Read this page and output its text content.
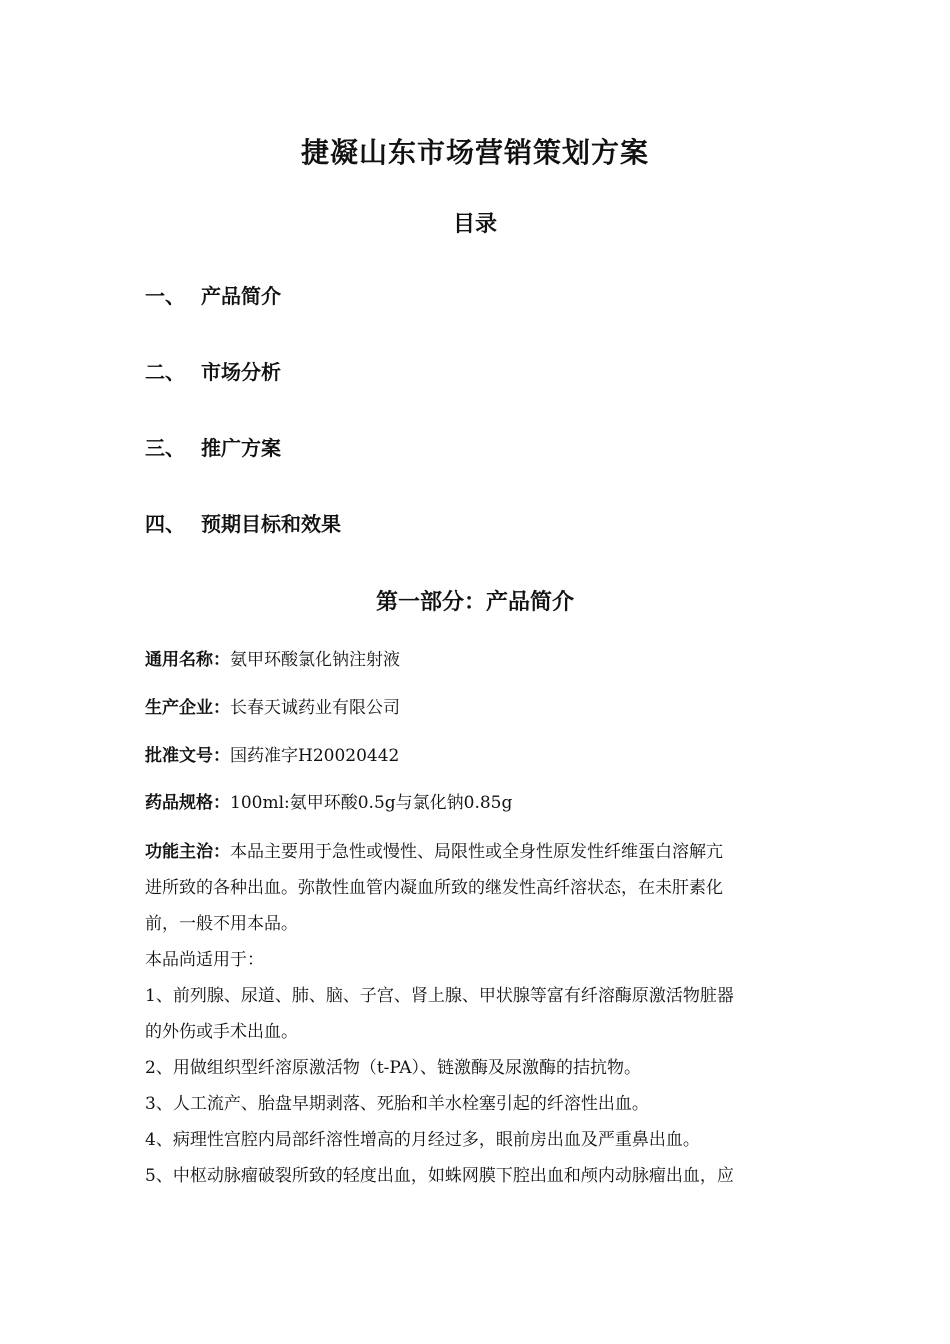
捷凝山东市场营销策划方案
目录
一、 产品简介
二、 市场分析
三、 推广方案
四、 预期目标和效果
第一部分：产品简介
通用名称：氨甲环酸氯化钠注射液
生产企业：长春天诚药业有限公司
批准文号：国药准字H20020442
药品规格：100ml:氨甲环酸0.5g与氯化钠0.85g
功能主治：本品主要用于急性或慢性、局限性或全身性原发性纤维蛋白溶解亢
进所致的各种出血。弥散性血管内凝血所致的继发性高纤溶状态，在未肝素化
前，一般不用本品。
本品尚适用于：
1、前列腺、尿道、肺、脑、子宫、肾上腺、甲状腺等富有纤溶酶原激活物脏器
的外伤或手术出血。
2、用做组织型纤溶原激活物（t-PA）、链激酶及尿激酶的拮抗物。
3、人工流产、胎盘早期剥落、死胎和羊水栓塞引起的纤溶性出血。
4、病理性宫腔内局部纤溶性增高的月经过多，眼前房出血及严重鼻出血。
5、中枢动脉瘤破裂所致的轻度出血，如蛛网膜下腔出血和颅内动脉瘤出血，应
